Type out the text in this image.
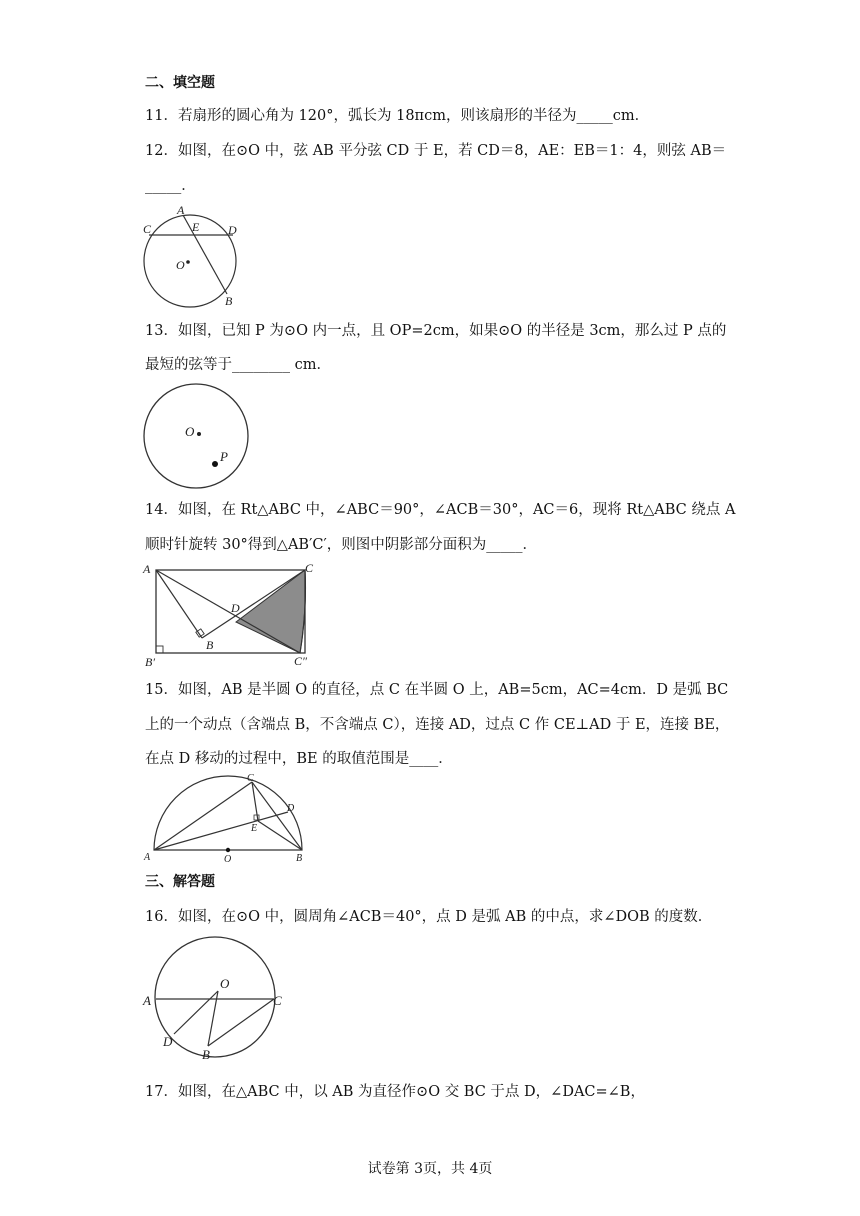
二、填空题
11．若扇形的圆心角为 120°，弧长为 18πcm，则该扇形的半径为_____cm．
12．如图，在⊙O 中，弦 AB 平分弦 CD 于 E，若 CD＝8，AE：EB＝1：4，则弦 AB＝
_____．
A
C	E D
O
B
13．如图，已知 P 为⊙O 内一点，且 OP=2cm，如果⊙O 的半径是 3cm，那么过 P 点的
最短的弦等于________ cm．
O
P
14．如图，在 Rt△ABC 中，∠ABC＝90°，∠ACB＝30°，AC＝6，现将 Rt△ABC 绕点 A
顺时针旋转 30°得到△AB′C′，则图中阴影部分面积为_____．
A	C
D
B
B′	C″
15．如图，AB 是半圆 O 的直径，点 C 在半圆 O 上，AB=5cm，AC=4cm．D 是弧 BC
上的一个动点（含端点 B，不含端点 C），连接 AD，过点 C 作 CE⊥AD 于 E，连接 BE，
在点 D 移动的过程中，BE 的取值范围是____．
A	O	B
C
D
E
三、解答题
16．如图，在⊙O 中，圆周角∠ACB＝40°，点 D 是弧 AB 的中点，求∠DOB 的度数．
O
A	C
D
B
17．如图，在△ABC 中，以 AB 为直径作⊙O 交 BC 于点 D，∠DAC=∠B，
试卷第 3页，共 4页
